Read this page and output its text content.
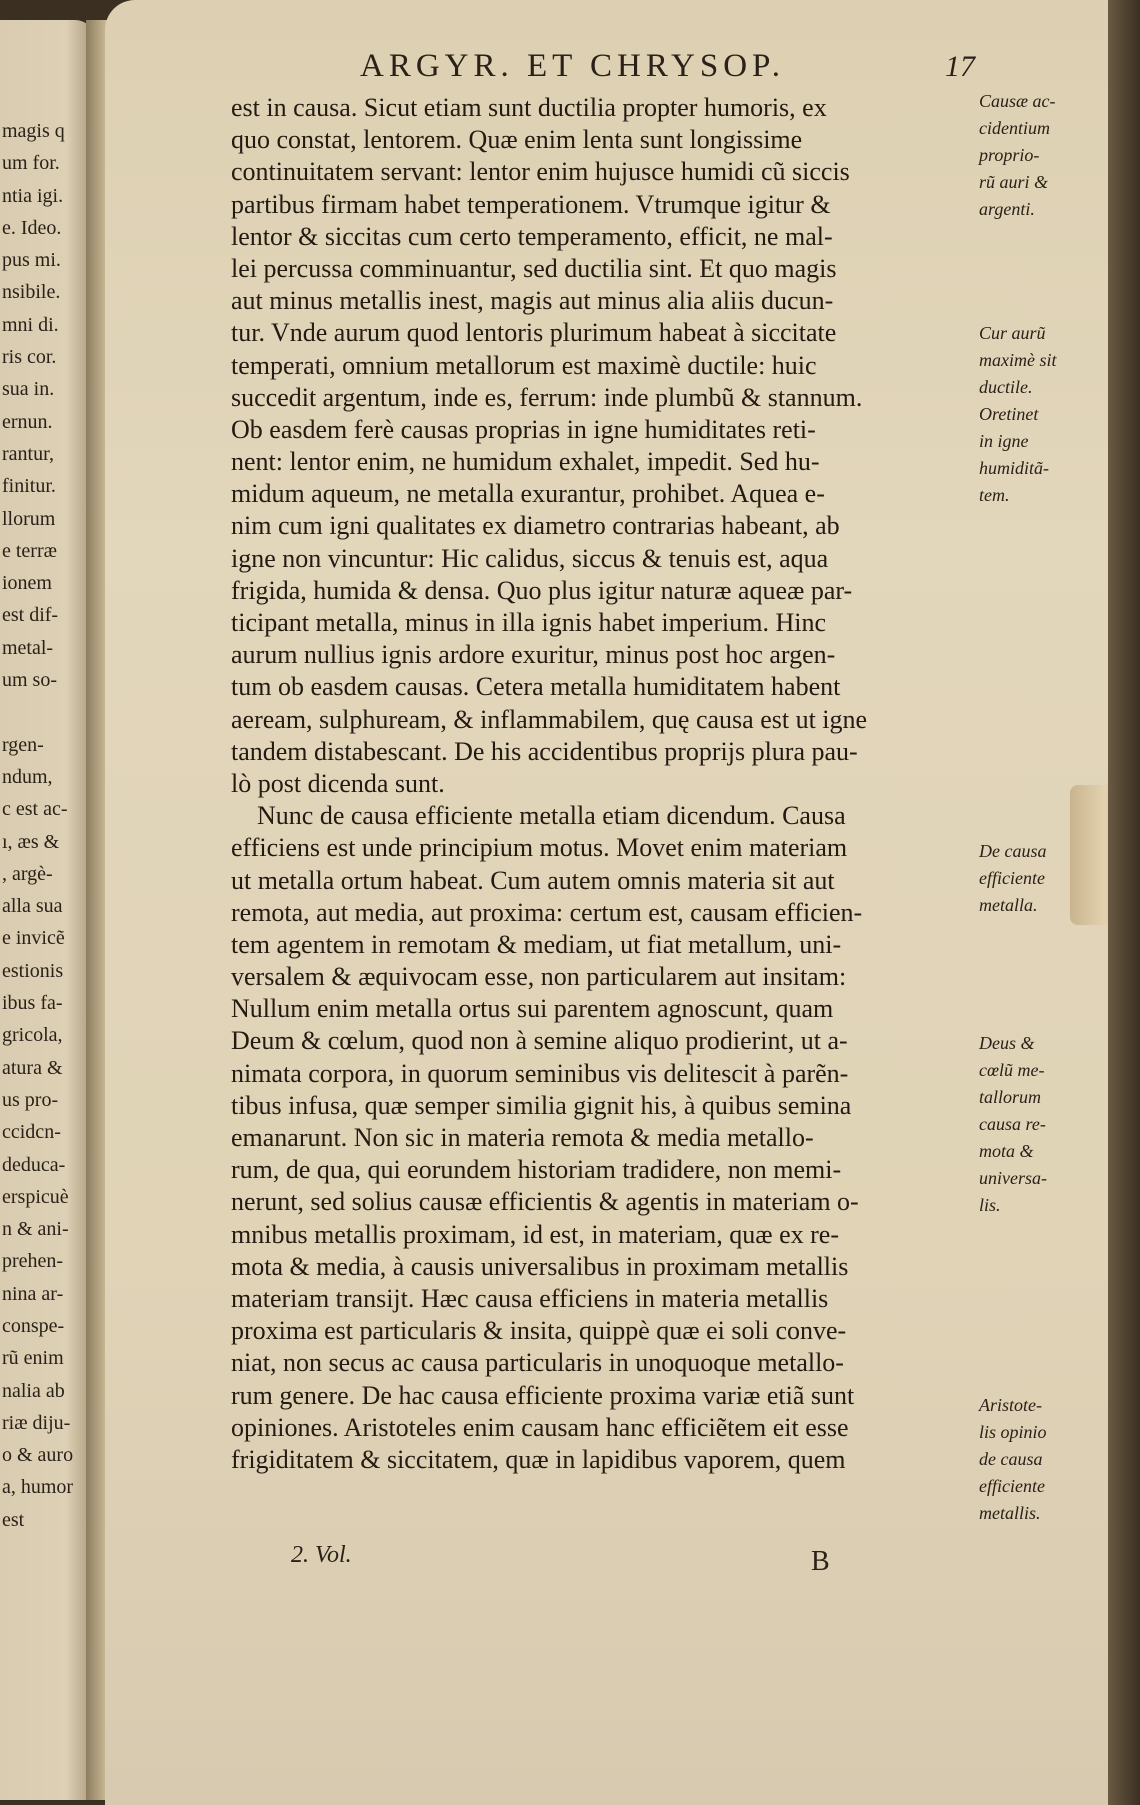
magis q
um for.
ntia igi.
e. Ideo.
pus mi.
nsibile.
mni di.
ris cor.
sua in.
ernun.
rantur,
finitur.
llorum
e terræ
ionem
est dif-
metal-
um so-

rgen-
ndum,
c est ac-
ı, æs &
, argè-
alla sua
e invicẽ
estionis
ibus fa-
gricola,
atura &
us pro-
ccidcn-
deduca-
erspicuè
n & ani-
prehen-
nina ar-
conspe-
rũ enim
nalia ab
riæ diju-
o & auro
a, humor
est
ARGYR. ET CHRYSOP.	17
est in causa. Sicut etiam sunt ductilia propter humoris, ex
quo constat, lentorem. Quæ enim lenta sunt longissime
continuitatem servant: lentor enim hujusce humidi cũ siccis
partibus firmam habet temperationem. Vtrumque igitur &
lentor & siccitas cum certo temperamento, efficit, ne mal-
lei percussa comminuantur, sed ductilia sint. Et quo magis
aut minus metallis inest, magis aut minus alia aliis ducun-
tur. Vnde aurum quod lentoris plurimum habeat à siccitate
temperati, omnium metallorum est maximè ductile: huic
succedit argentum, inde es, ferrum: inde plumbũ & stannum.
Ob easdem ferè causas proprias in igne humiditates reti-
nent: lentor enim, ne humidum exhalet, impedit. Sed hu-
midum aqueum, ne metalla exurantur, prohibet. Aquea e-
nim cum igni qualitates ex diametro contrarias habeant, ab
igne non vincuntur: Hic calidus, siccus & tenuis est, aqua
frigida, humida & densa. Quo plus igitur naturæ aqueæ par-
ticipant metalla, minus in illa ignis habet imperium. Hinc
aurum nullius ignis ardore exuritur, minus post hoc argen-
tum ob easdem causas. Cetera metalla humiditatem habent
aeream, sulphuream, & inflammabilem, quę causa est ut igne
tandem distabescant. De his accidentibus proprijs plura pau-
lò post dicenda sunt.
Nunc de causa efficiente metalla etiam dicendum. Causa
efficiens est unde principium motus. Movet enim materiam
ut metalla ortum habeat. Cum autem omnis materia sit aut
remota, aut media, aut proxima: certum est, causam efficien-
tem agentem in remotam & mediam, ut fiat metallum, uni-
versalem & æquivocam esse, non particularem aut insitam:
Nullum enim metalla ortus sui parentem agnoscunt, quam
Deum & cœlum, quod non à semine aliquo prodierint, ut a-
nimata corpora, in quorum seminibus vis delitescit à parẽn-
tibus infusa, quæ semper similia gignit his, à quibus semina
emanarunt. Non sic in materia remota & media metallo-
rum, de qua, qui eorundem historiam tradidere, non memi-
nerunt, sed solius causæ efficientis & agentis in materiam o-
mnibus metallis proximam, id est, in materiam, quæ ex re-
mota & media, à causis universalibus in proximam metallis
materiam transijt. Hæc causa efficiens in materia metallis
proxima est particularis & insita, quippè quæ ei soli conve-
niat, non secus ac causa particularis in unoquoque metallo-
rum genere. De hac causa efficiente proxima variæ etiã sunt
opiniones. Aristoteles enim causam hanc efficiẽtem eit esse
frigiditatem & siccitatem, quæ in lapidibus vaporem, quem
Causæ ac-
cidentium
proprio-
rũ auri &
argenti.
Cur aurũ
maximè sit
ductile.
Oretinet
in igne
humiditã-
tem.
De causa
efficiente
metalla.
Deus &
cœlũ me-
tallorum
causa re-
mota &
universa-
lis.
Aristote-
lis opinio
de causa
efficiente
metallis.
2. Vol.	B
